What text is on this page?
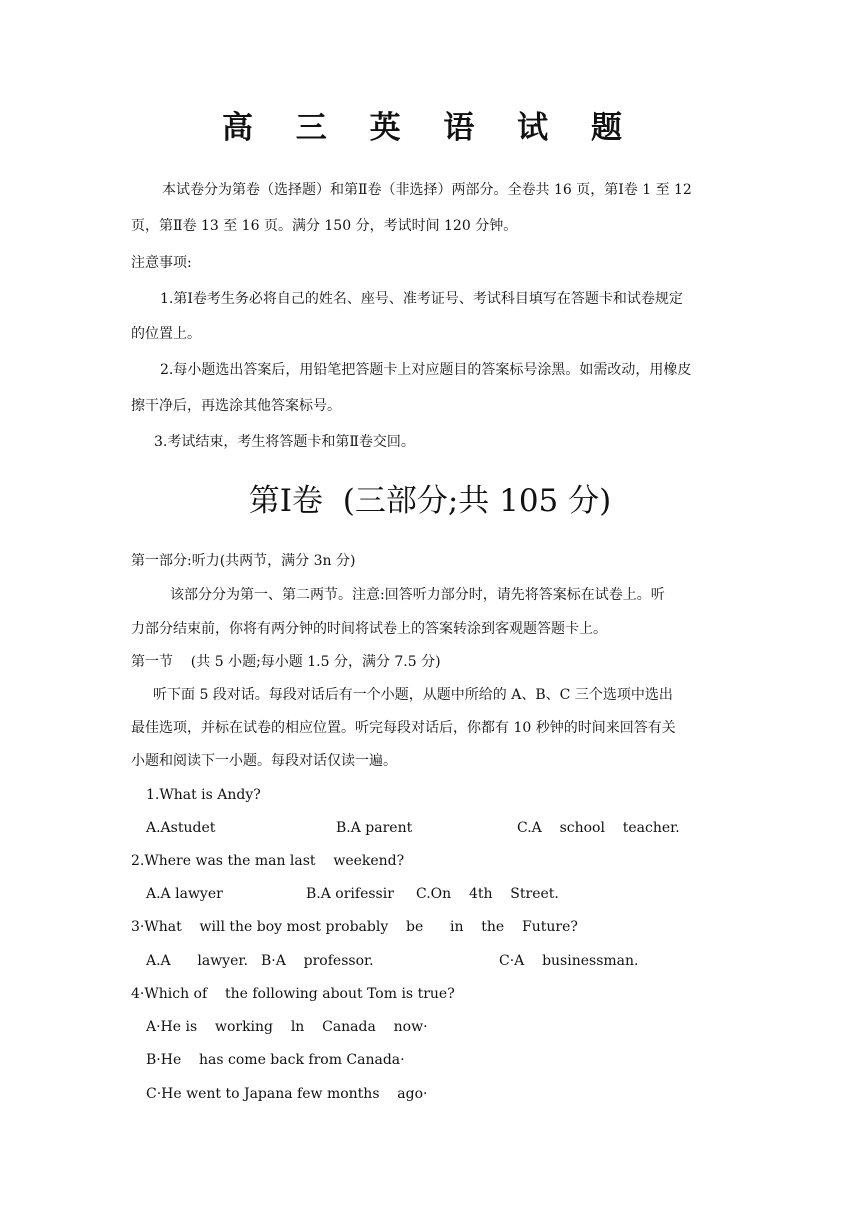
高 三 英 语 试 题
本试卷分为第卷（选择题）和第Ⅱ卷（非选择）两部分。全卷共 16 页，第Ⅰ卷 1 至 12
页，第Ⅱ卷 13 至 16 页。满分 150 分，考试时间 120 分钟。
注意事项:
1.第Ⅰ卷考生务必将自己的姓名、座号、准考证号、考试科目填写在答题卡和试卷规定
的位置上。
2.每小题选出答案后，用铅笔把答题卡上对应题目的答案标号涂黑。如需改动，用橡皮
擦干净后，再选涂其他答案标号。
3.考试结束，考生将答题卡和第Ⅱ卷交回。
第Ⅰ卷  (三部分;共 105 分)
第一部分:听力(共两节，满分 3n 分)
该部分分为第一、第二两节。注意:回答听力部分时，请先将答案标在试卷上。听
力部分结束前，你将有两分钟的时间将试卷上的答案转涂到客观题答题卡上。
第一节    (共 5 小题;每小题 1.5 分，满分 7.5 分)
听下面 5 段对话。每段对话后有一个小题，从题中所给的 A、B、C 三个选项中选出
最佳选项，并标在试卷的相应位置。听完每段对话后，你都有 10 秒钟的时间来回答有关
小题和阅读下一小题。每段对话仅读一遍。
1.What is Andy?
A.Astudet	B.A parent	C.A    school    teacher.
2.Where was the man last    weekend?
A.A lawyer	B.A orifessir C.On    4th    Street.
3·What    will the boy most probably    be      in    the    Future?
A.A      lawyer. B·A    professor.	C·A    businessman.
4·Which of    the following about Tom is true?
A·He is    working    ln    Canada    now·
B·He    has come back from Canada·
C·He went to Japana few months    ago·
